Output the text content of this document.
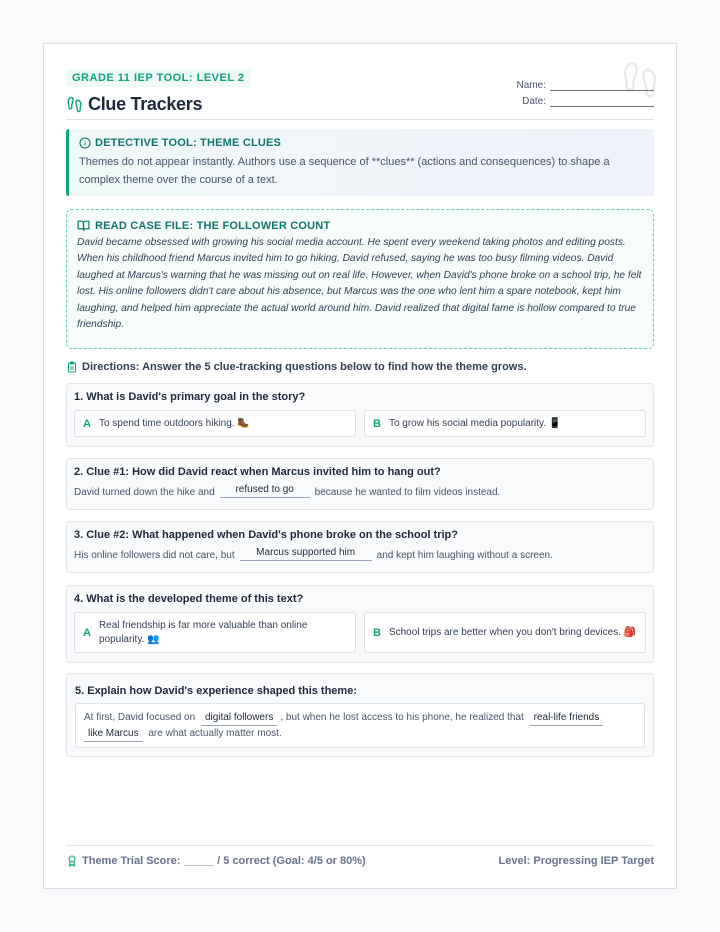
GRADE 11 IEP TOOL: LEVEL 2
Clue Trackers
Name:
Date:
DETECTIVE TOOL: THEME CLUES
Themes do not appear instantly. Authors use a sequence of **clues** (actions and consequences) to shape a complex theme over the course of a text.
READ CASE FILE: THE FOLLOWER COUNT
David became obsessed with growing his social media account. He spent every weekend taking photos and editing posts. When his childhood friend Marcus invited him to go hiking, David refused, saying he was too busy filming videos. David laughed at Marcus's warning that he was missing out on real life. However, when David's phone broke on a school trip, he felt lost. His online followers didn't care about his absence, but Marcus was the one who lent him a spare notebook, kept him laughing, and helped him appreciate the actual world around him. David realized that digital fame is hollow compared to true friendship.
Directions: Answer the 5 clue-tracking questions below to find how the theme grows.
1. What is David's primary goal in the story?
A To spend time outdoors hiking. 🥾	B To grow his social media popularity. 📱
2. Clue #1: How did David react when Marcus invited him to hang out?
David turned down the hike and	refused to go	because he wanted to film videos instead.
3. Clue #2: What happened when David's phone broke on the school trip?
His online followers did not care, but	Marcus supported him	and kept him laughing without a screen.
4. What is the developed theme of this text?
A
Real friendship is far more valuable than online popularity. 👥
B School trips are better when you don't bring devices. 🎒
5. Explain how David's experience shaped this theme:
At first, David focused on digital followers , but when he lost access to his phone, he realized that real-life friends
like Marcus are what actually matter most.
Theme Trial Score: _____ / 5 correct (Goal: 4/5 or 80%)	Level: Progressing IEP Target
